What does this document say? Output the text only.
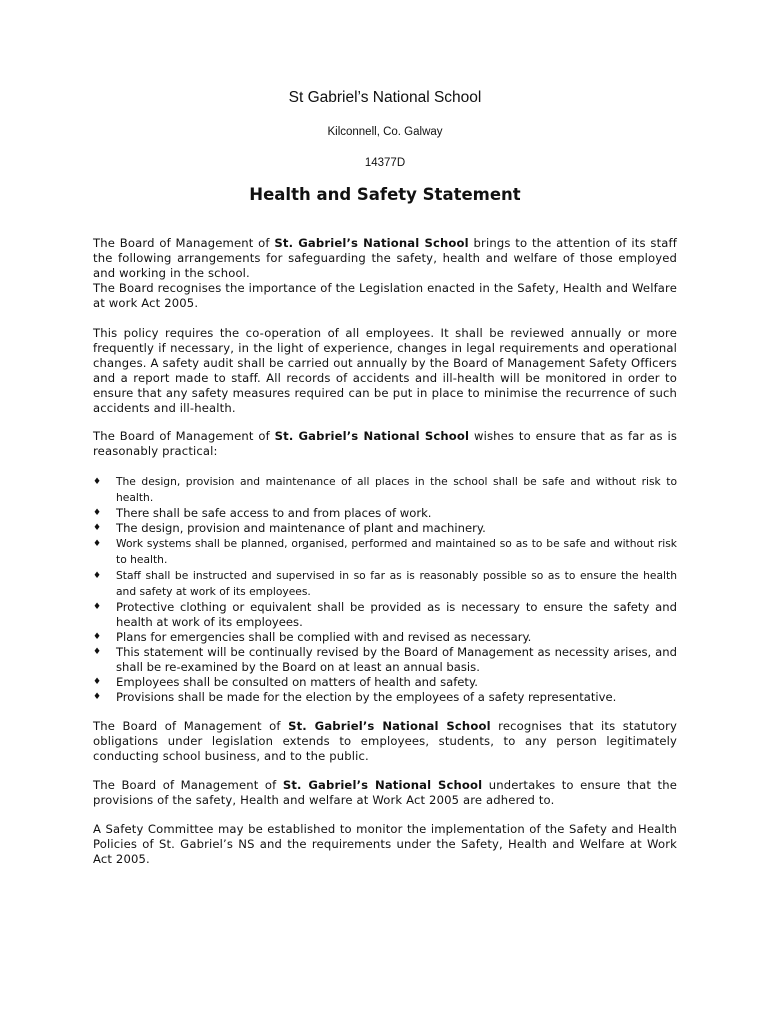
St Gabriel’s National School
Kilconnell, Co. Galway
14377D
Health and Safety Statement

The Board of Management of St. Gabriel’s National School brings to the attention of its staff the following arrangements for safeguarding the safety, health and welfare of those employed and working in the school.

The Board recognises the importance of the Legislation enacted in the Safety, Health and Welfare at work Act 2005.

This policy requires the co-operation of all employees. It shall be reviewed annually or more frequently if necessary, in the light of experience, changes in legal requirements and operational changes. A safety audit shall be carried out annually by the Board of Management Safety Officers and a report made to staff. All records of accidents and ill-health will be monitored in order to ensure that any safety measures required can be put in place to minimise the recurrence of such accidents and ill-health.

The Board of Management of St. Gabriel’s National School wishes to ensure that as far as is reasonably practical:

♦ The design, provision and maintenance of all places in the school shall be safe and without risk to health.
♦ There shall be safe access to and from places of work.
♦ The design, provision and maintenance of plant and machinery.
♦ Work systems shall be planned, organised, performed and maintained so as to be safe and without risk to health.
♦ Staff shall be instructed and supervised in so far as is reasonably possible so as to ensure the health and safety at work of its employees.
♦ Protective clothing or equivalent shall be provided as is necessary to ensure the safety and health at work of its employees.
♦ Plans for emergencies shall be complied with and revised as necessary.
♦ This statement will be continually revised by the Board of Management as necessity arises, and shall be re-examined by the Board on at least an annual basis.
♦ Employees shall be consulted on matters of health and safety.
♦ Provisions shall be made for the election by the employees of a safety representative.

The Board of Management of St. Gabriel’s National School recognises that its statutory obligations under legislation extends to employees, students, to any person legitimately conducting school business, and to the public.

The Board of Management of St. Gabriel’s National School undertakes to ensure that the provisions of the safety, Health and welfare at Work Act 2005 are adhered to.

A Safety Committee may be established to monitor the implementation of the Safety and Health Policies of St. Gabriel’s NS and the requirements under the Safety, Health and Welfare at Work Act 2005.
